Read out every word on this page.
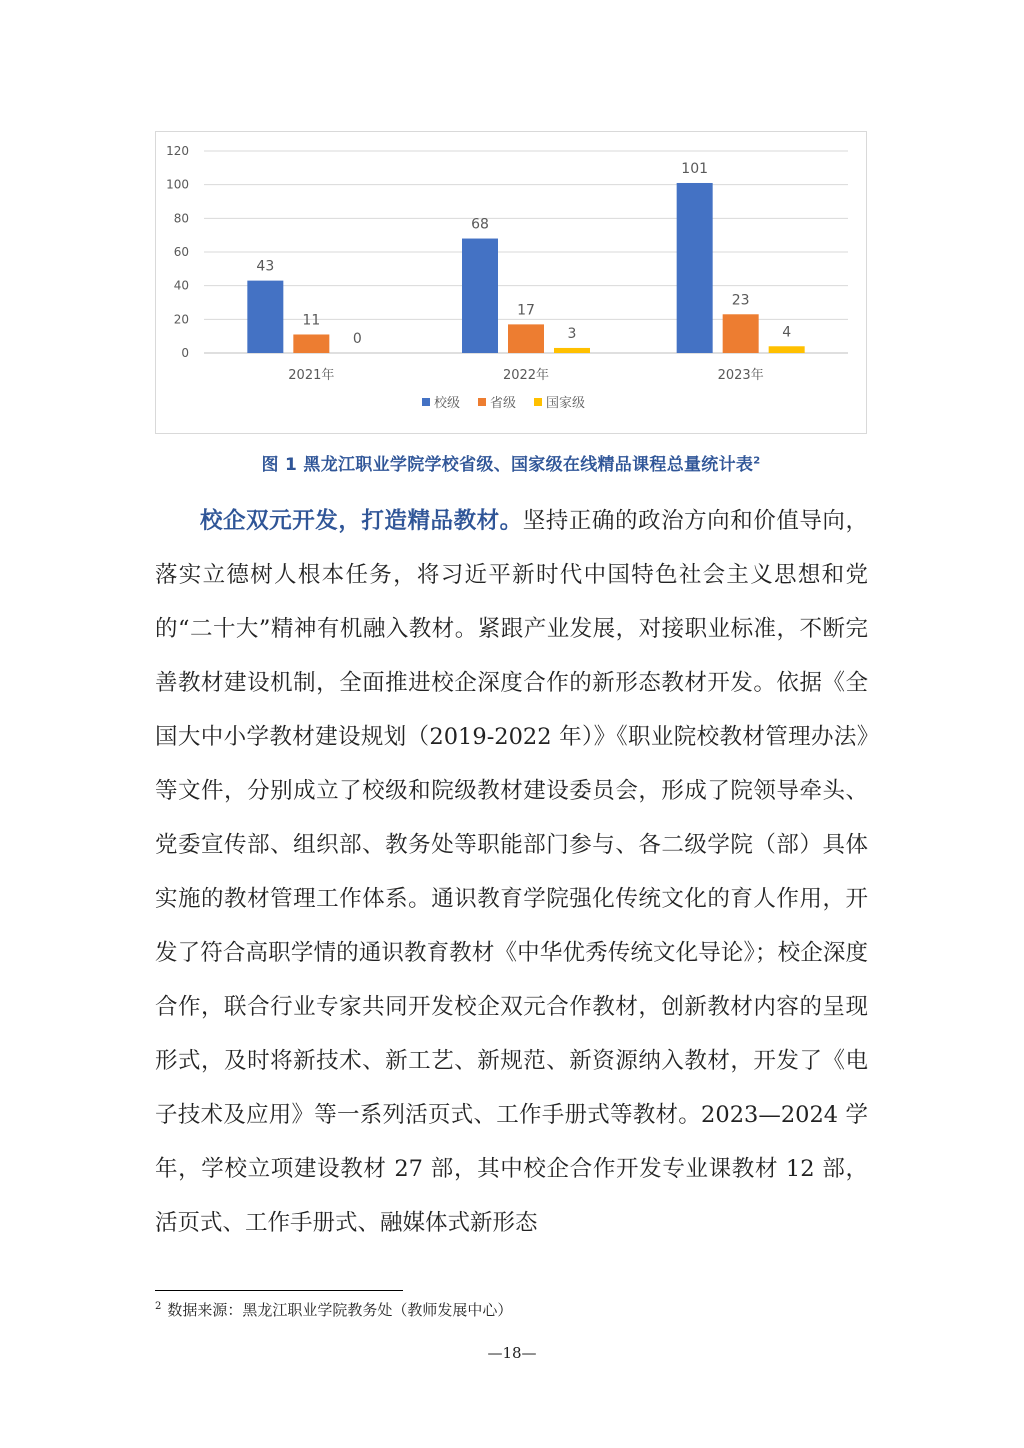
0
20
40
60
80
100
120
43
11
0
2021年
68
17
3
2022年
101
23
4
2023年
校级 省级 国家级
图 1 黑龙江职业学院学校省级、国家级在线精品课程总量统计表$^2$

校企双元开发，打造精品教材。坚持正确的政治方向和价值导向，落实立德树人根本任务，将习近平新时代中国特色社会主义思想和党的“二十大”精神有机融入教材。紧跟产业发展，对接职业标准，不断完善教材建设机制，全面推进校企深度合作的新形态教材开发。依据《全国大中小学教材建设规划（2019-2022 年）》《职业院校教材管理办法》等文件，分别成立了校级和院级教材建设委员会，形成了院领导牵头、党委宣传部、组织部、教务处等职能部门参与、各二级学院（部）具体实施的教材管理工作体系。通识教育学院强化传统文化的育人作用，开发了符合高职学情的通识教育教材《中华优秀传统文化导论》；校企深度合作，联合行业专家共同开发校企双元合作教材，创新教材内容的呈现形式，及时将新技术、新工艺、新规范、新资源纳入教材，开发了《电子技术及应用》等一系列活页式、工作手册式等教材。2023—2024 学年，学校立项建设教材 27 部，其中校企合作开发专业课教材 12 部，活页式、工作手册式、融媒体式新形态

$^2$ 数据来源：黑龙江职业学院教务处（教师发展中心）
—18—
